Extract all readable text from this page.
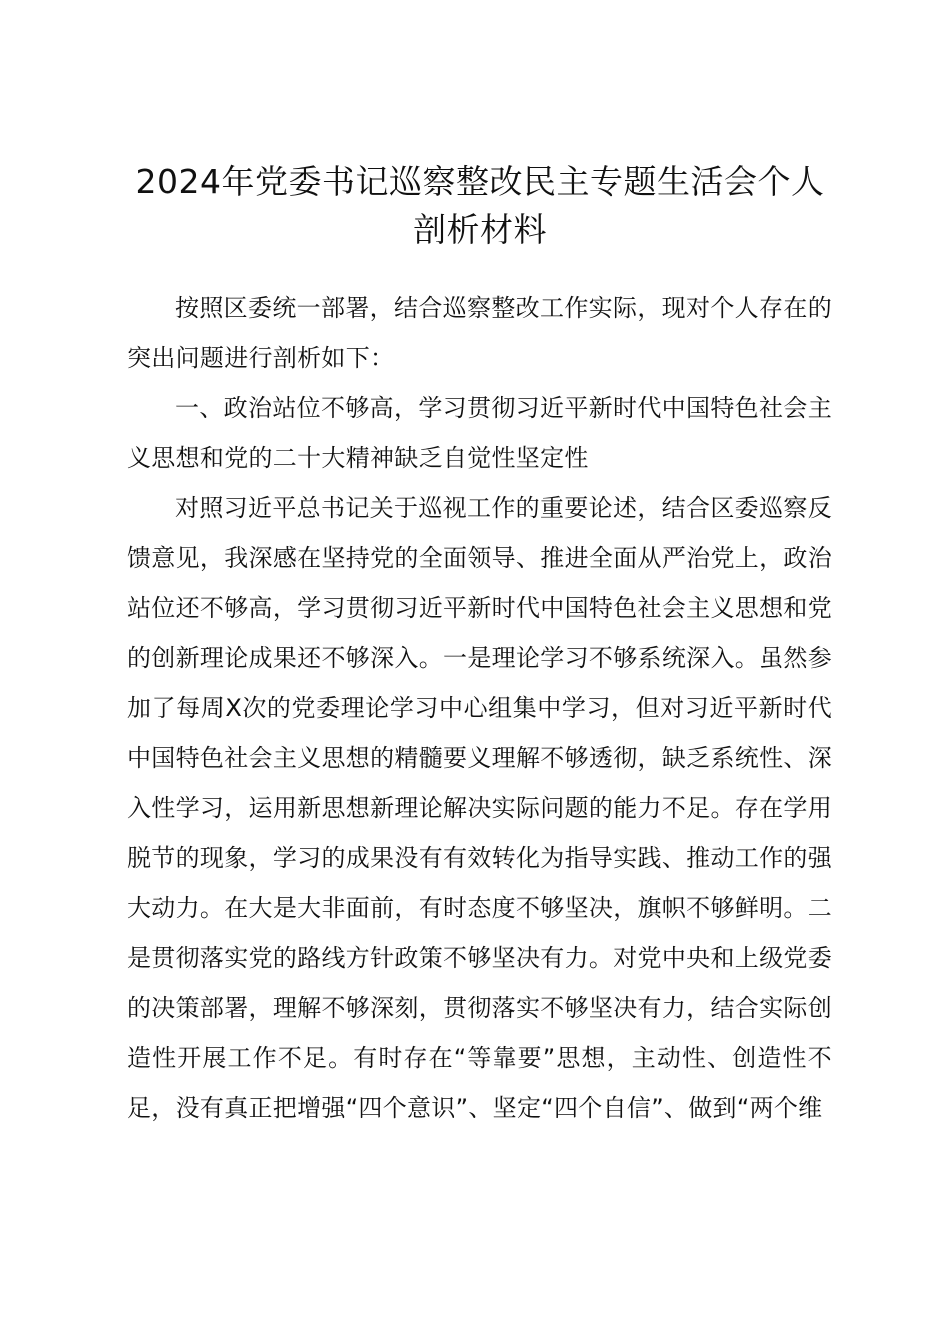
2024年党委书记巡察整改民主专题生活会个人剖析材料

按照区委统一部署，结合巡察整改工作实际，现对个人存在的突出问题进行剖析如下：

一、政治站位不够高，学习贯彻习近平新时代中国特色社会主义思想和党的二十大精神缺乏自觉性坚定性

对照习近平总书记关于巡视工作的重要论述，结合区委巡察反馈意见，我深感在坚持党的全面领导、推进全面从严治党上，政治站位还不够高，学习贯彻习近平新时代中国特色社会主义思想和党的创新理论成果还不够深入。一是理论学习不够系统深入。虽然参加了每周X次的党委理论学习中心组集中学习，但对习近平新时代中国特色社会主义思想的精髓要义理解不够透彻，缺乏系统性、深入性学习，运用新思想新理论解决实际问题的能力不足。存在学用脱节的现象，学习的成果没有有效转化为指导实践、推动工作的强大动力。在大是大非面前，有时态度不够坚决，旗帜不够鲜明。二是贯彻落实党的路线方针政策不够坚决有力。对党中央和上级党委的决策部署，理解不够深刻，贯彻落实不够坚决有力，结合实际创造性开展工作不足。有时存在“等靠要”思想，主动性、创造性不足，没有真正把增强“四个意识”、坚定“四个自信”、做到“两个维
